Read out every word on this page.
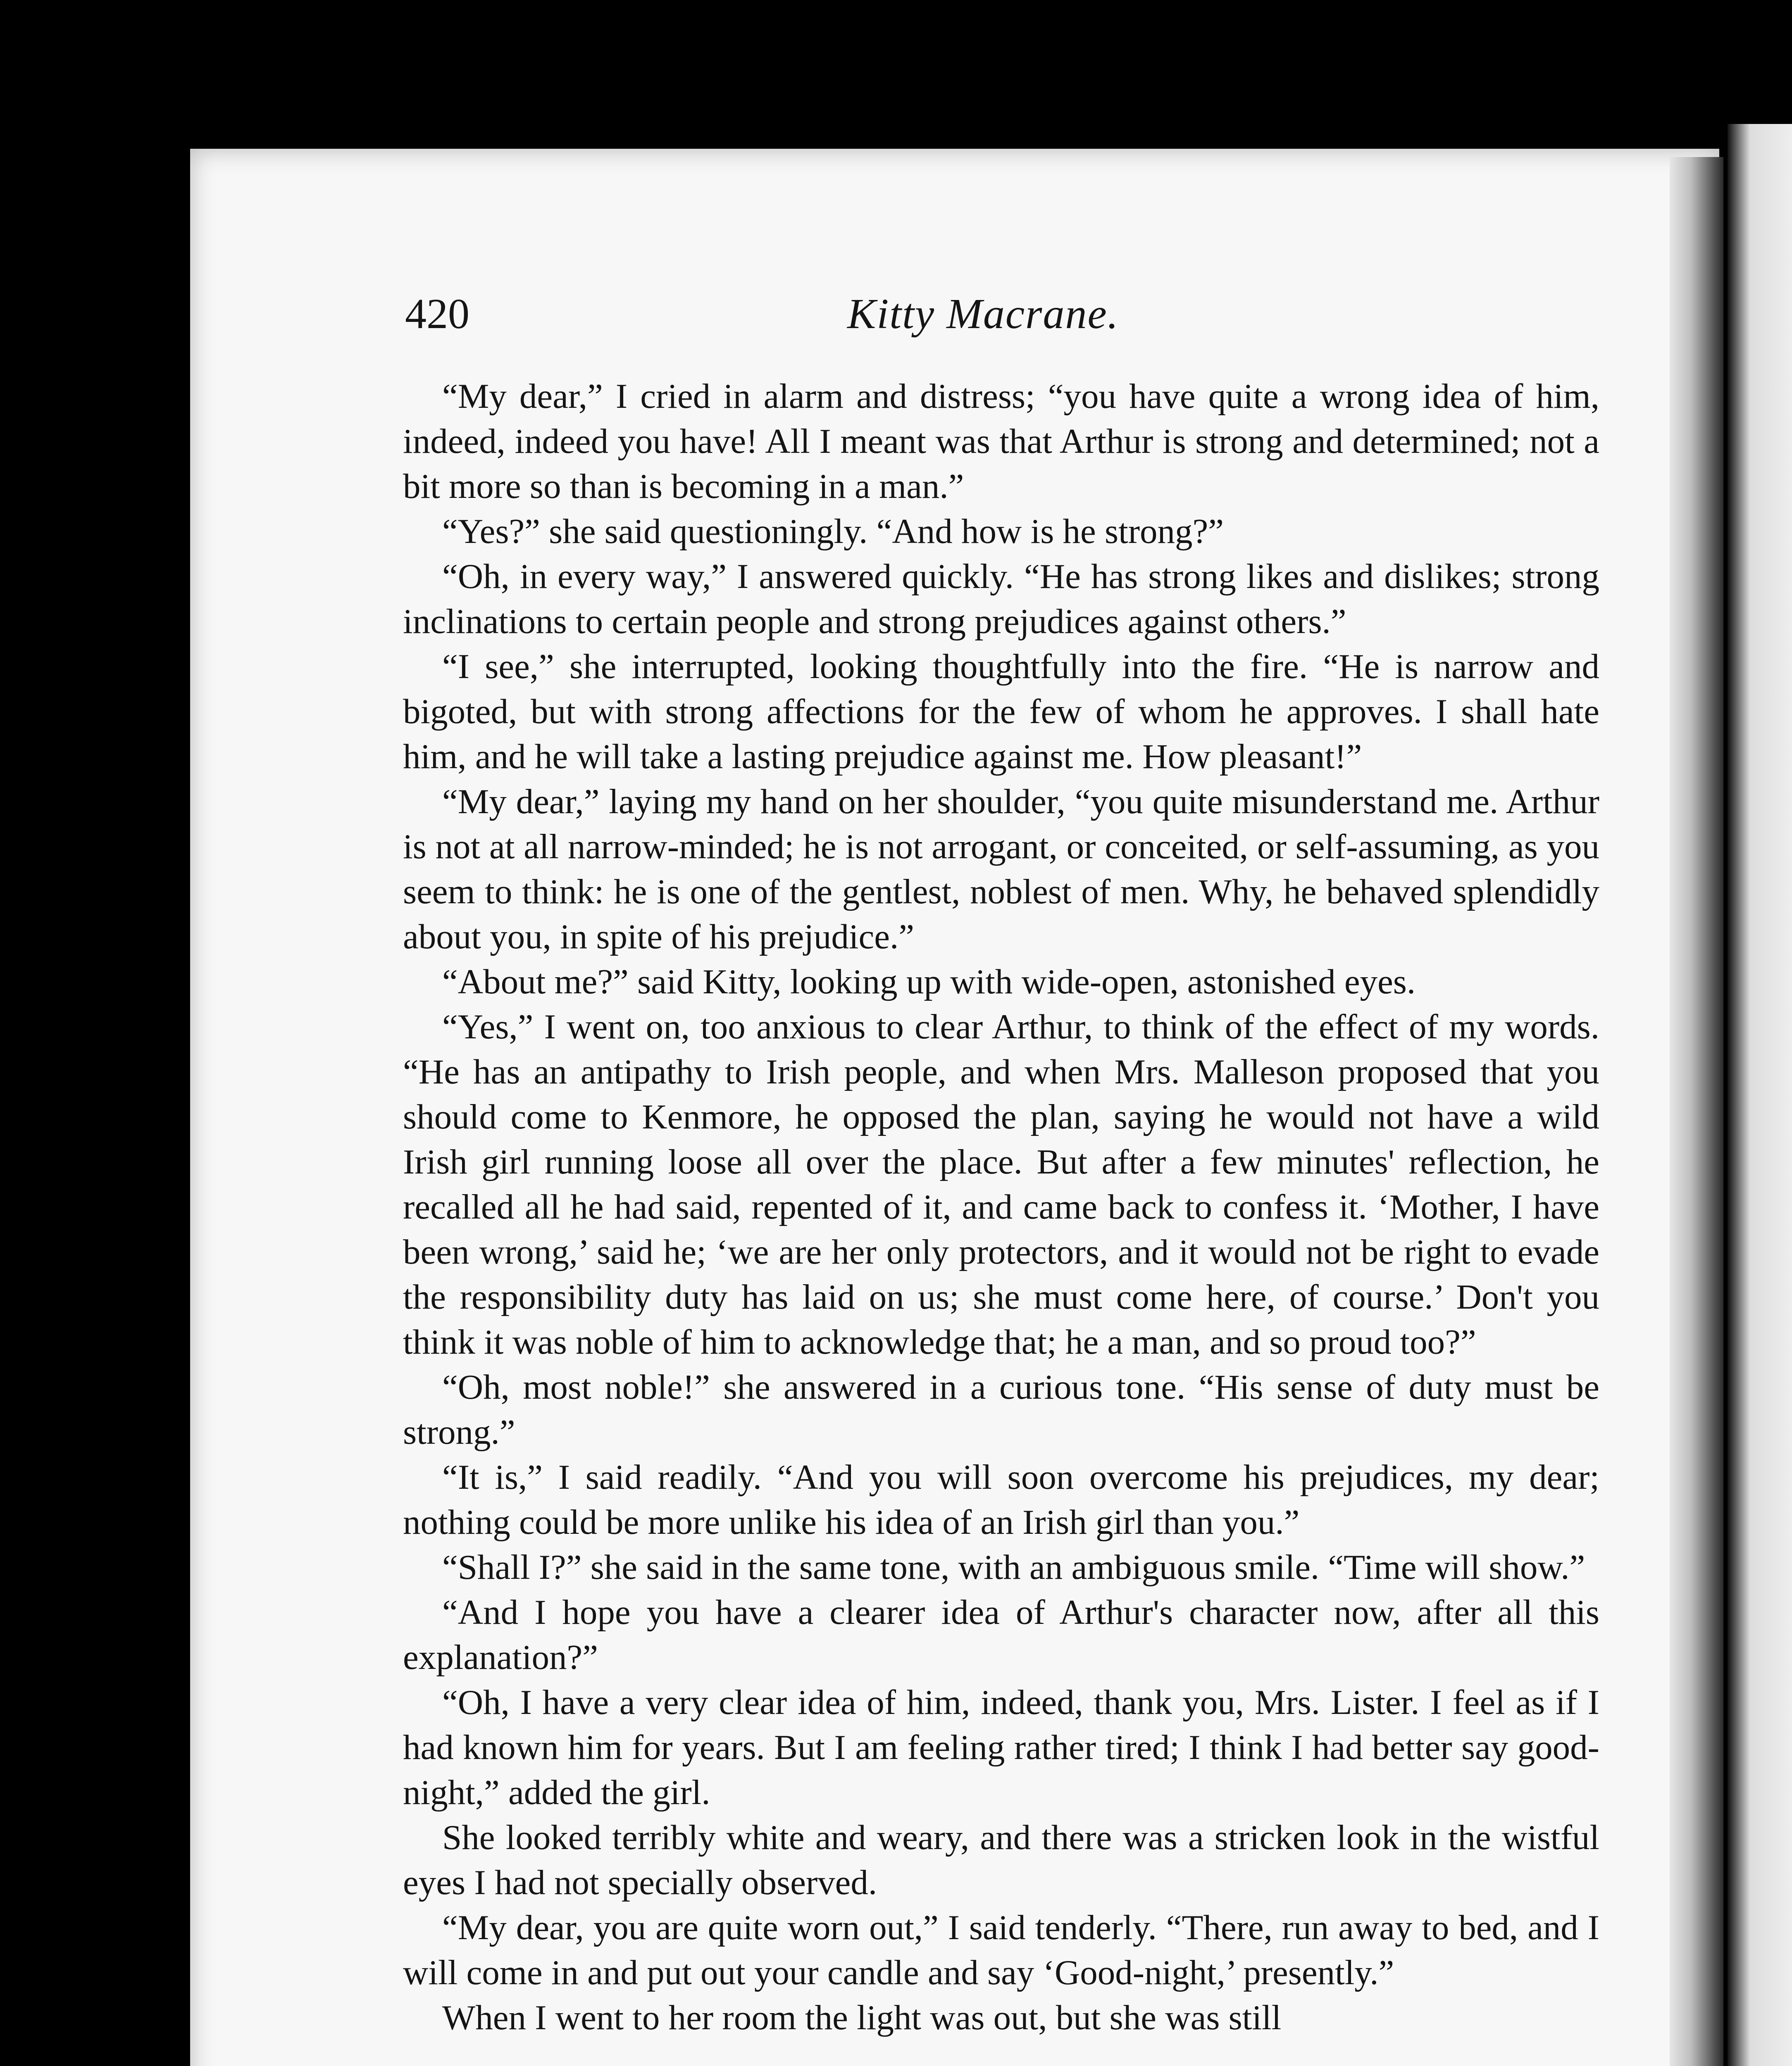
420	Kitty Macrane.

“My dear,” I cried in alarm and distress; “you have quite a wrong idea of him, indeed, indeed you have! All I meant was that Arthur is strong and determined; not a bit more so than is becoming in a man.”

“Yes?” she said questioningly. “And how is he strong?”

“Oh, in every way,” I answered quickly. “He has strong likes and dislikes; strong inclinations to certain people and strong prejudices against others.”

“I see,” she interrupted, looking thoughtfully into the fire. “He is narrow and bigoted, but with strong affections for the few of whom he approves. I shall hate him, and he will take a lasting prejudice against me. How pleasant!”

“My dear,” laying my hand on her shoulder, “you quite misunderstand me. Arthur is not at all narrow-minded; he is not arrogant, or conceited, or self-assuming, as you seem to think: he is one of the gentlest, noblest of men. Why, he behaved splendidly about you, in spite of his prejudice.”

“About me?” said Kitty, looking up with wide-open, astonished eyes.

“Yes,” I went on, too anxious to clear Arthur, to think of the effect of my words. “He has an antipathy to Irish people, and when Mrs. Malleson proposed that you should come to Kenmore, he opposed the plan, saying he would not have a wild Irish girl running loose all over the place. But after a few minutes' reflection, he recalled all he had said, repented of it, and came back to confess it. ‘Mother, I have been wrong,’ said he; ‘we are her only protectors, and it would not be right to evade the responsibility duty has laid on us; she must come here, of course.’ Don't you think it was noble of him to acknowledge that; he a man, and so proud too?”

“Oh, most noble!” she answered in a curious tone. “His sense of duty must be strong.”

“It is,” I said readily. “And you will soon overcome his prejudices, my dear; nothing could be more unlike his idea of an Irish girl than you.”

“Shall I?” she said in the same tone, with an ambiguous smile. “Time will show.”

“And I hope you have a clearer idea of Arthur's character now, after all this explanation?”

“Oh, I have a very clear idea of him, indeed, thank you, Mrs. Lister. I feel as if I had known him for years. But I am feeling rather tired; I think I had better say good-night,” added the girl.

She looked terribly white and weary, and there was a stricken look in the wistful eyes I had not specially observed.

“My dear, you are quite worn out,” I said tenderly. “There, run away to bed, and I will come in and put out your candle and say ‘Good-night,’ presently.”

When I went to her room the light was out, but she was still
